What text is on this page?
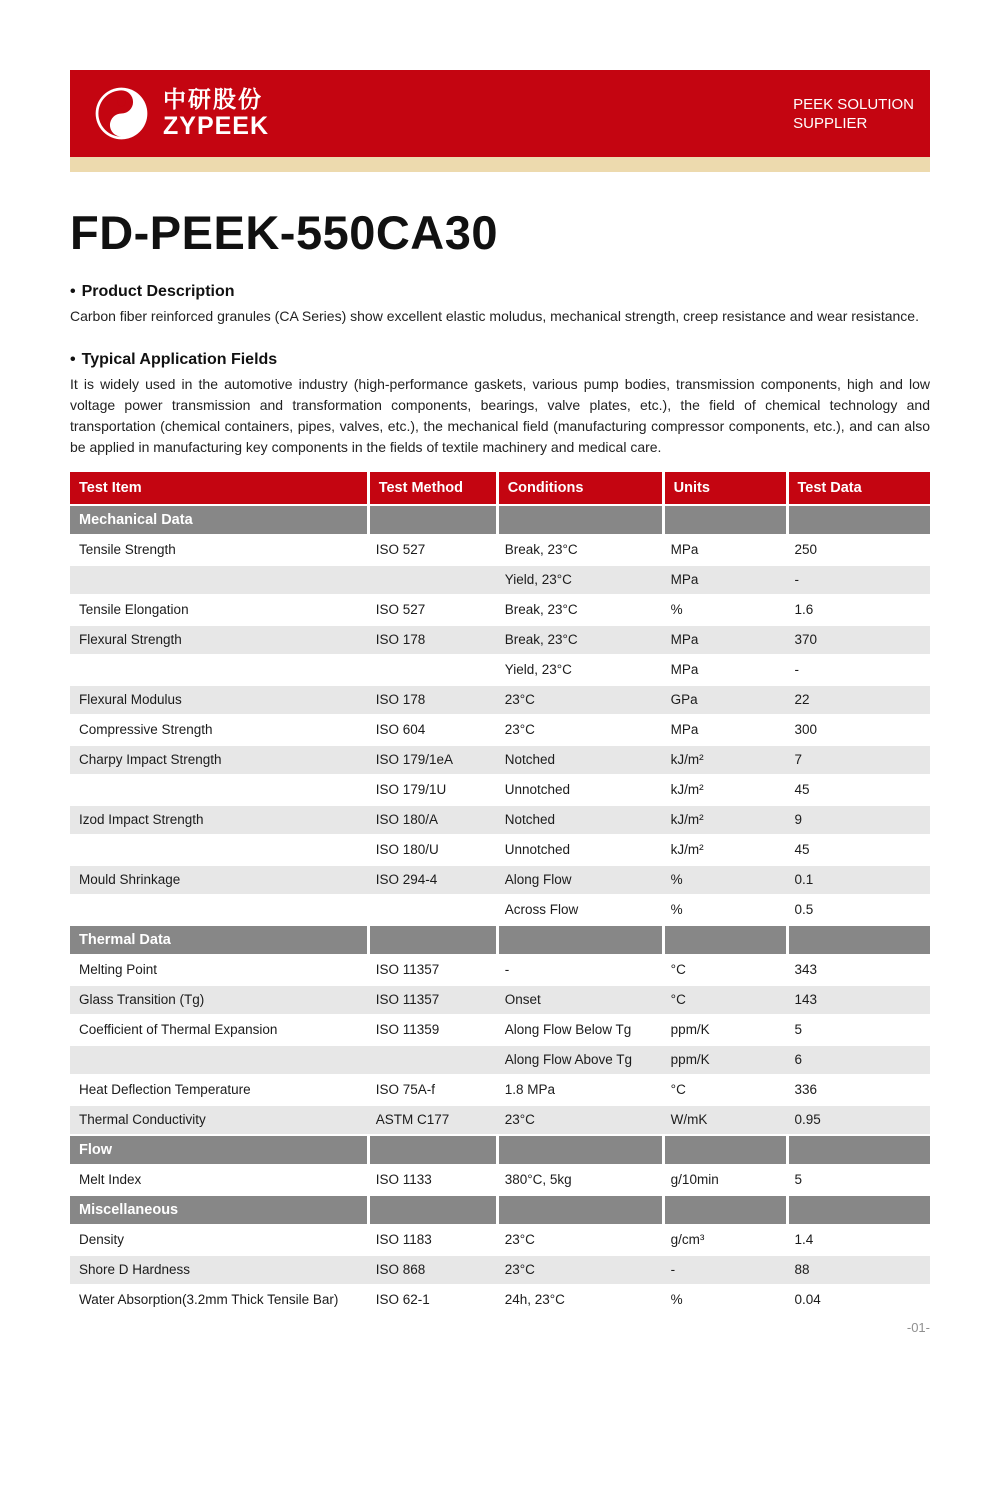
中研股份
ZYPEEK
PEEK SOLUTION
SUPPLIER
FD-PEEK-550CA30
• Product Description
Carbon fiber reinforced granules (CA Series) show excellent elastic moludus, mechanical strength, creep resistance and wear resistance.
• Typical Application Fields
It is widely used in the automotive industry (high-performance gaskets, various pump bodies, transmission components, high and low voltage power transmission and transformation components, bearings, valve plates, etc.), the field of chemical technology and transportation (chemical containers, pipes, valves, etc.), the mechanical field (manufacturing compressor components, etc.), and can also be applied in manufacturing key components in the fields of textile machinery and medical care.
Test Item	Test Method	Conditions	Units	Test Data
Mechanical Data				
Tensile Strength	ISO 527	Break, 23°C	MPa	250
		Yield, 23°C	MPa	-
Tensile Elongation	ISO 527	Break, 23°C	%	1.6
Flexural Strength	ISO 178	Break, 23°C	MPa	370
		Yield, 23°C	MPa	-
Flexural Modulus	ISO 178	23°C	GPa	22
Compressive Strength	ISO 604	23°C	MPa	300
Charpy Impact Strength	ISO 179/1eA	Notched	kJ/m²	7
	ISO 179/1U	Unnotched	kJ/m²	45
Izod Impact Strength	ISO 180/A	Notched	kJ/m²	9
	ISO 180/U	Unnotched	kJ/m²	45
Mould Shrinkage	ISO 294-4	Along Flow	%	0.1
		Across Flow	%	0.5
Thermal Data				
Melting Point	ISO 11357	-	°C	343
Glass Transition (Tg)	ISO 11357	Onset	°C	143
Coefficient of Thermal Expansion	ISO 11359	Along Flow Below Tg	ppm/K	5
		Along Flow Above Tg	ppm/K	6
Heat Deflection Temperature	ISO 75A-f	1.8 MPa	°C	336
Thermal Conductivity	ASTM C177	23°C	W/mK	0.95
Flow				
Melt Index	ISO 1133	380°C, 5kg	g/10min	5
Miscellaneous				
Density	ISO 1183	23°C	g/cm³	1.4
Shore D Hardness	ISO 868	23°C	-	88
Water Absorption(3.2mm Thick Tensile Bar)	ISO 62-1	24h, 23°C	%	0.04
-01-
